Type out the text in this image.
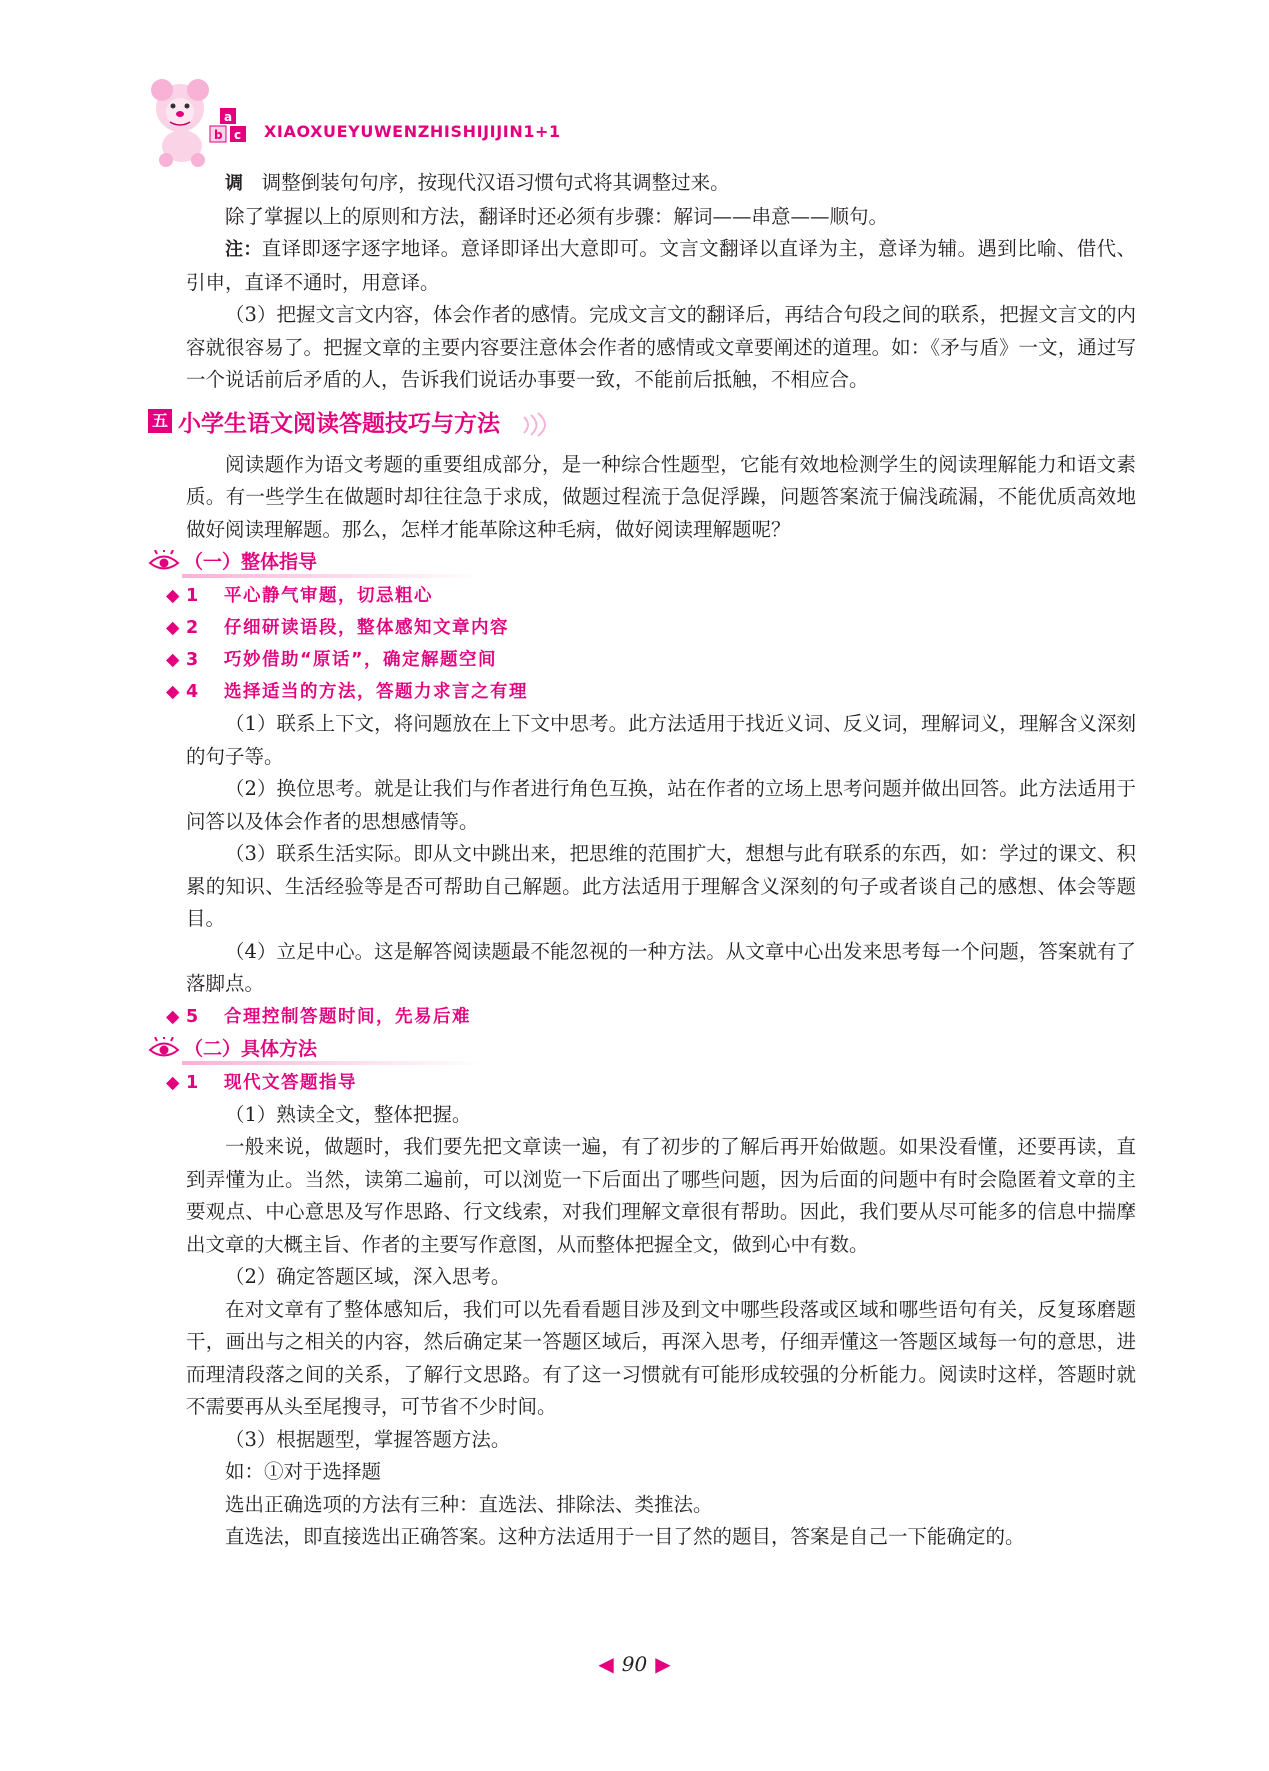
a
b c XIAOXUEYUWENZHISHIJIJIN1+1

调 调整倒装句句序，按现代汉语习惯句式将其调整过来。

除了掌握以上的原则和方法，翻译时还必须有步骤：解词——串意——顺句。

注：直译即逐字逐字地译。意译即译出大意即可。文言文翻译以直译为主，意译为辅。遇到比喻、借代、引申，直译不通时，用意译。

（3）把握文言文内容，体会作者的感情。完成文言文的翻译后，再结合句段之间的联系，把握文言文的内容就很容易了。把握文章的主要内容要注意体会作者的感情或文章要阐述的道理。如：《矛与盾》一文，通过写一个说话前后矛盾的人，告诉我们说话办事要一致，不能前后抵触，不相应合。

五 小学生语文阅读答题技巧与方法

阅读题作为语文考题的重要组成部分，是一种综合性题型，它能有效地检测学生的阅读理解能力和语文素质。有一些学生在做题时却往往急于求成，做题过程流于急促浮躁，问题答案流于偏浅疏漏，不能优质高效地做好阅读理解题。那么，怎样才能革除这种毛病，做好阅读理解题呢？

（一）整体指导
◆ 1 平心静气审题，切忌粗心
◆ 2 仔细研读语段，整体感知文章内容
◆ 3 巧妙借助“原话”，确定解题空间
◆ 4 选择适当的方法，答题力求言之有理

（1）联系上下文，将问题放在上下文中思考。此方法适用于找近义词、反义词，理解词义，理解含义深刻的句子等。

（2）换位思考。就是让我们与作者进行角色互换，站在作者的立场上思考问题并做出回答。此方法适用于问答以及体会作者的思想感情等。

（3）联系生活实际。即从文中跳出来，把思维的范围扩大，想想与此有联系的东西，如：学过的课文、积累的知识、生活经验等是否可帮助自己解题。此方法适用于理解含义深刻的句子或者谈自己的感想、体会等题目。

（4）立足中心。这是解答阅读题最不能忽视的一种方法。从文章中心出发来思考每一个问题，答案就有了落脚点。

◆ 5 合理控制答题时间，先易后难
（二）具体方法
◆ 1 现代文答题指导

（1）熟读全文，整体把握。

一般来说，做题时，我们要先把文章读一遍，有了初步的了解后再开始做题。如果没看懂，还要再读，直到弄懂为止。当然，读第二遍前，可以浏览一下后面出了哪些问题，因为后面的问题中有时会隐匿着文章的主要观点、中心意思及写作思路、行文线索，对我们理解文章很有帮助。因此，我们要从尽可能多的信息中揣摩出文章的大概主旨、作者的主要写作意图，从而整体把握全文，做到心中有数。

（2）确定答题区域，深入思考。

在对文章有了整体感知后，我们可以先看看题目涉及到文中哪些段落或区域和哪些语句有关，反复琢磨题干，画出与之相关的内容，然后确定某一答题区域后，再深入思考，仔细弄懂这一答题区域每一句的意思，进而理清段落之间的关系，了解行文思路。有了这一习惯就有可能形成较强的分析能力。阅读时这样，答题时就不需要再从头至尾搜寻，可节省不少时间。

（3）根据题型，掌握答题方法。

如：①对于选择题

选出正确选项的方法有三种：直选法、排除法、类推法。

直选法，即直接选出正确答案。这种方法适用于一目了然的题目，答案是自己一下能确定的。

◀ 90 ▶
